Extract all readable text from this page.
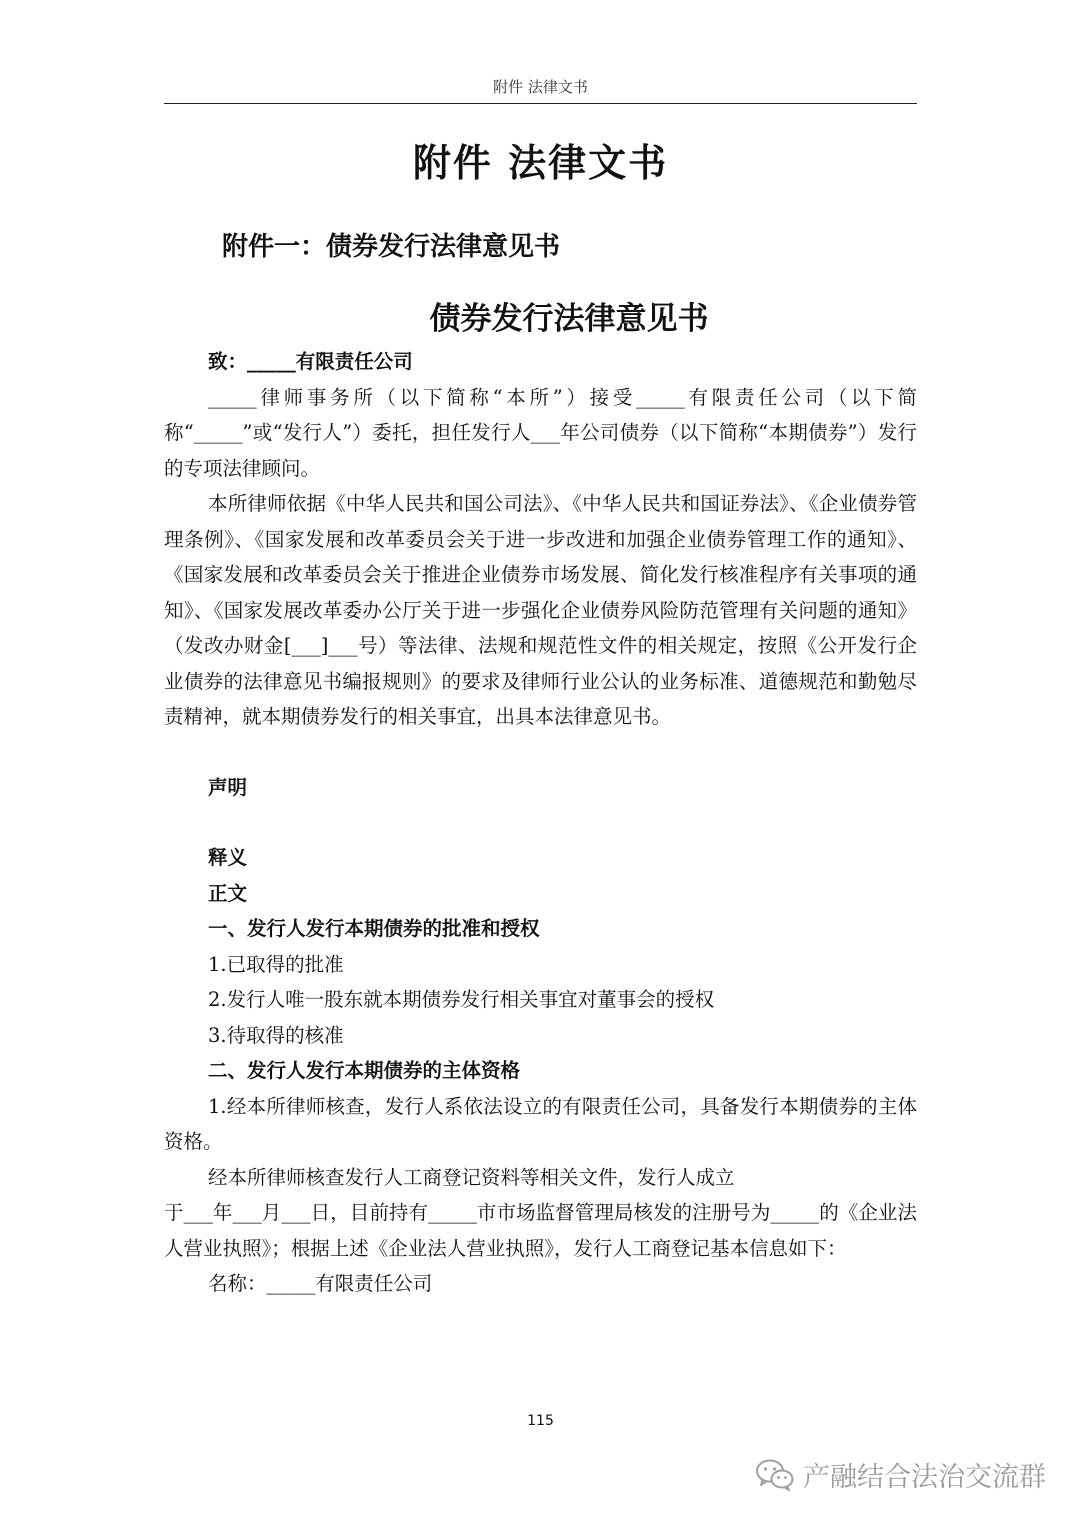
附件 法律文书
附件 法律文书
附件一：债券发行法律意见书
债券发行法律意见书

致：_____有限责任公司

_____律师事务所（以下简称“本所”）接受_____有限责任公司（以下简称“_____”或“发行人”）委托，担任发行人___年公司债券（以下简称“本期债券”）发行的专项法律顾问。

本所律师依据《中华人民共和国公司法》、《中华人民共和国证券法》、《企业债券管理条例》、《国家发展和改革委员会关于进一步改进和加强企业债券管理工作的通知》、《国家发展和改革委员会关于推进企业债券市场发展、简化发行核准程序有关事项的通知》、《国家发展改革委办公厅关于进一步强化企业债券风险防范管理有关问题的通知》（发改办财金[___]___号）等法律、法规和规范性文件的相关规定，按照《公开发行企业债券的法律意见书编报规则》的要求及律师行业公认的业务标准、道德规范和勤勉尽责精神，就本期债券发行的相关事宜，出具本法律意见书。

声明

释义

正文

一、发行人发行本期债券的批准和授权

1.已取得的批准

2.发行人唯一股东就本期债券发行相关事宜对董事会的授权

3.待取得的核准

二、发行人发行本期债券的主体资格

1.经本所律师核查，发行人系依法设立的有限责任公司，具备发行本期债券的主体资格。

经本所律师核查发行人工商登记资料等相关文件，发行人成立

于___年___月___日，目前持有_____市市场监督管理局核发的注册号为_____的《企业法人营业执照》；根据上述《企业法人营业执照》，发行人工商登记基本信息如下：

名称：_____有限责任公司

115
产融结合法治交流群
